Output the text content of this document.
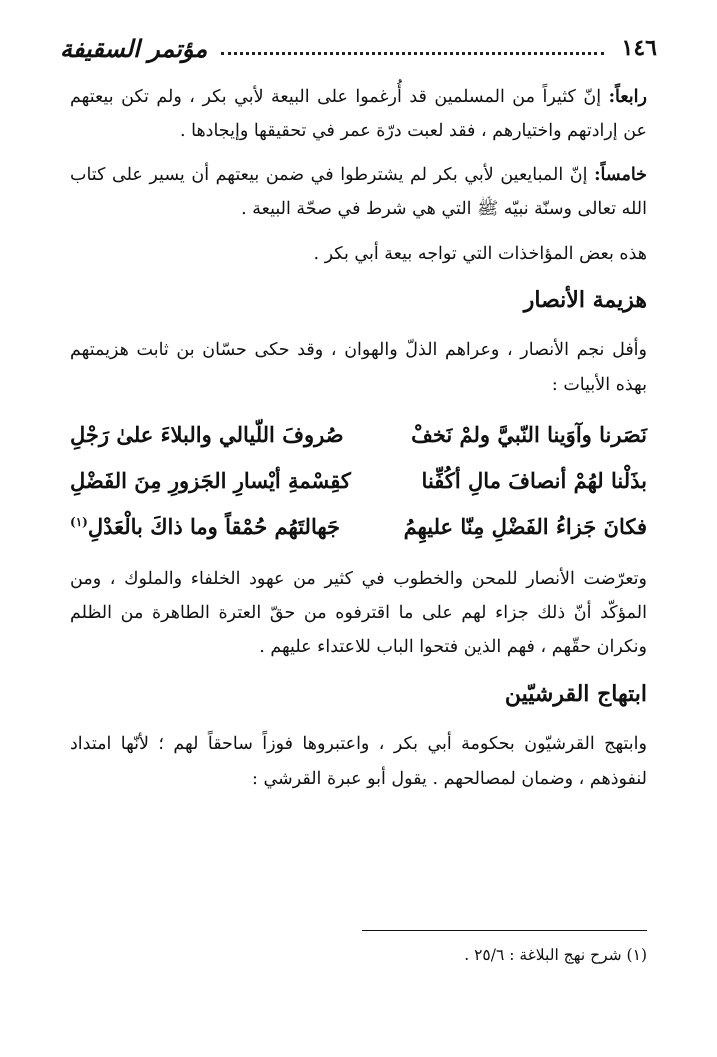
١٤٦
مؤتمر السقيفة

رابعاً: إنّ كثيراً من المسلمين قد أُرغموا على البيعة لأبي بكر ، ولم تكن بيعتهم عن إرادتهم واختيارهم ، فقد لعبت درّة عمر في تحقيقها وإيجادها .

خامساً: إنّ المبايعين لأبي بكر لم يشترطوا في ضمن بيعتهم أن يسير على كتاب الله تعالى وسنّة نبيّه ﷺ التي هي شرط في صحّة البيعة .

هذه بعض المؤاخذات التي تواجه بيعة أبي بكر .

هزيمة الأنصار

وأفل نجم الأنصار ، وعراهم الذلّ والهوان ، وقد حكى حسّان بن ثابت هزيمتهم بهذه الأبيات :

نَصَرنا وآوَينا النّبيَّ ولمْ نَخفْ
صُروفَ اللّيالي والبلاءَ علىٰ رَجْلِ
بذَلْنا لهُمْ أنصافَ مالِ أكُفِّنا
كقِسْمةِ أيْسارِ الجَزورِ مِنَ الفَضْلِ
فكانَ جَزاءُ الفَضْلِ مِنّا عليهِمُ
جَهالتَهُم حُمْقاً وما ذاكَ بالْعَدْلِ$^{(١)}$

وتعرّضت الأنصار للمحن والخطوب في كثير من عهود الخلفاء والملوك ، ومن المؤكّد أنّ ذلك جزاء لهم على ما اقترفوه من حقّ العترة الطاهرة من الظلم ونكران حقّهم ، فهم الذين فتحوا الباب للاعتداء عليهم .

ابتهاج القرشيّين

وابتهج القرشيّون بحكومة أبي بكر ، واعتبروها فوزاً ساحقاً لهم ؛ لأنّها امتداد لنفوذهم ، وضمان لمصالحهم . يقول أبو عبرة القرشي :

(١) شرح نهج البلاغة : ٢٥/٦ .
